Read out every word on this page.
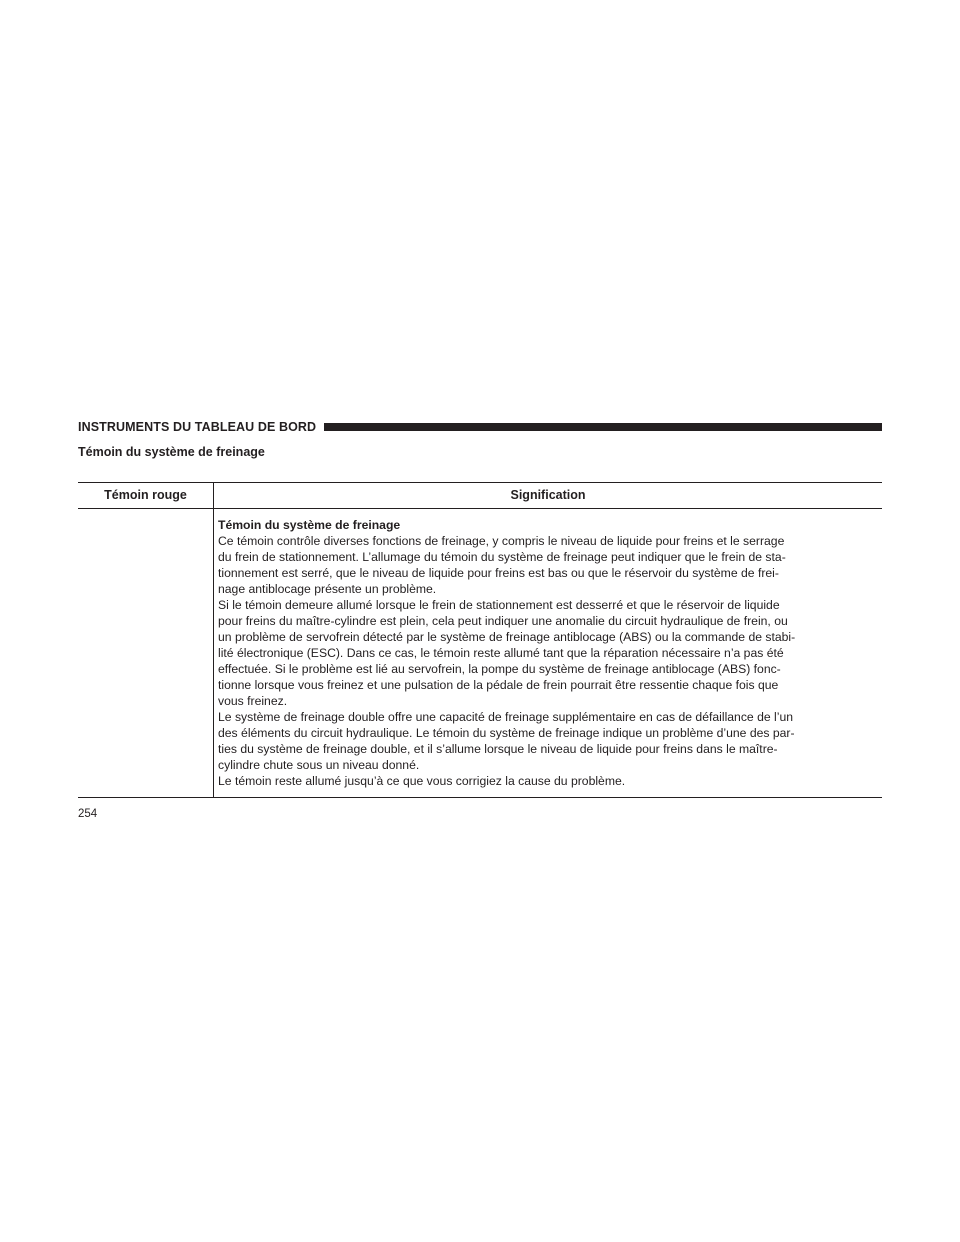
INSTRUMENTS DU TABLEAU DE BORD
Témoin du système de freinage
Témoin rouge	Signification
Témoin du système de freinage

Ce témoin contrôle diverses fonctions de freinage, y compris le niveau de liquide pour freins et le serrage

du frein de stationnement. L’allumage du témoin du système de freinage peut indiquer que le frein de sta-

tionnement est serré, que le niveau de liquide pour freins est bas ou que le réservoir du système de frei-

nage antiblocage présente un problème.

Si le témoin demeure allumé lorsque le frein de stationnement est desserré et que le réservoir de liquide

pour freins du maître-cylindre est plein, cela peut indiquer une anomalie du circuit hydraulique de frein, ou

un problème de servofrein détecté par le système de freinage antiblocage (ABS) ou la commande de stabi-

lité électronique (ESC). Dans ce cas, le témoin reste allumé tant que la réparation nécessaire n’a pas été

effectuée. Si le problème est lié au servofrein, la pompe du système de freinage antiblocage (ABS) fonc-

tionne lorsque vous freinez et une pulsation de la pédale de frein pourrait être ressentie chaque fois que

vous freinez.

Le système de freinage double offre une capacité de freinage supplémentaire en cas de défaillance de l’un

des éléments du circuit hydraulique. Le témoin du système de freinage indique un problème d’une des par-

ties du système de freinage double, et il s’allume lorsque le niveau de liquide pour freins dans le maître-

cylindre chute sous un niveau donné.

Le témoin reste allumé jusqu’à ce que vous corrigiez la cause du problème.

254
